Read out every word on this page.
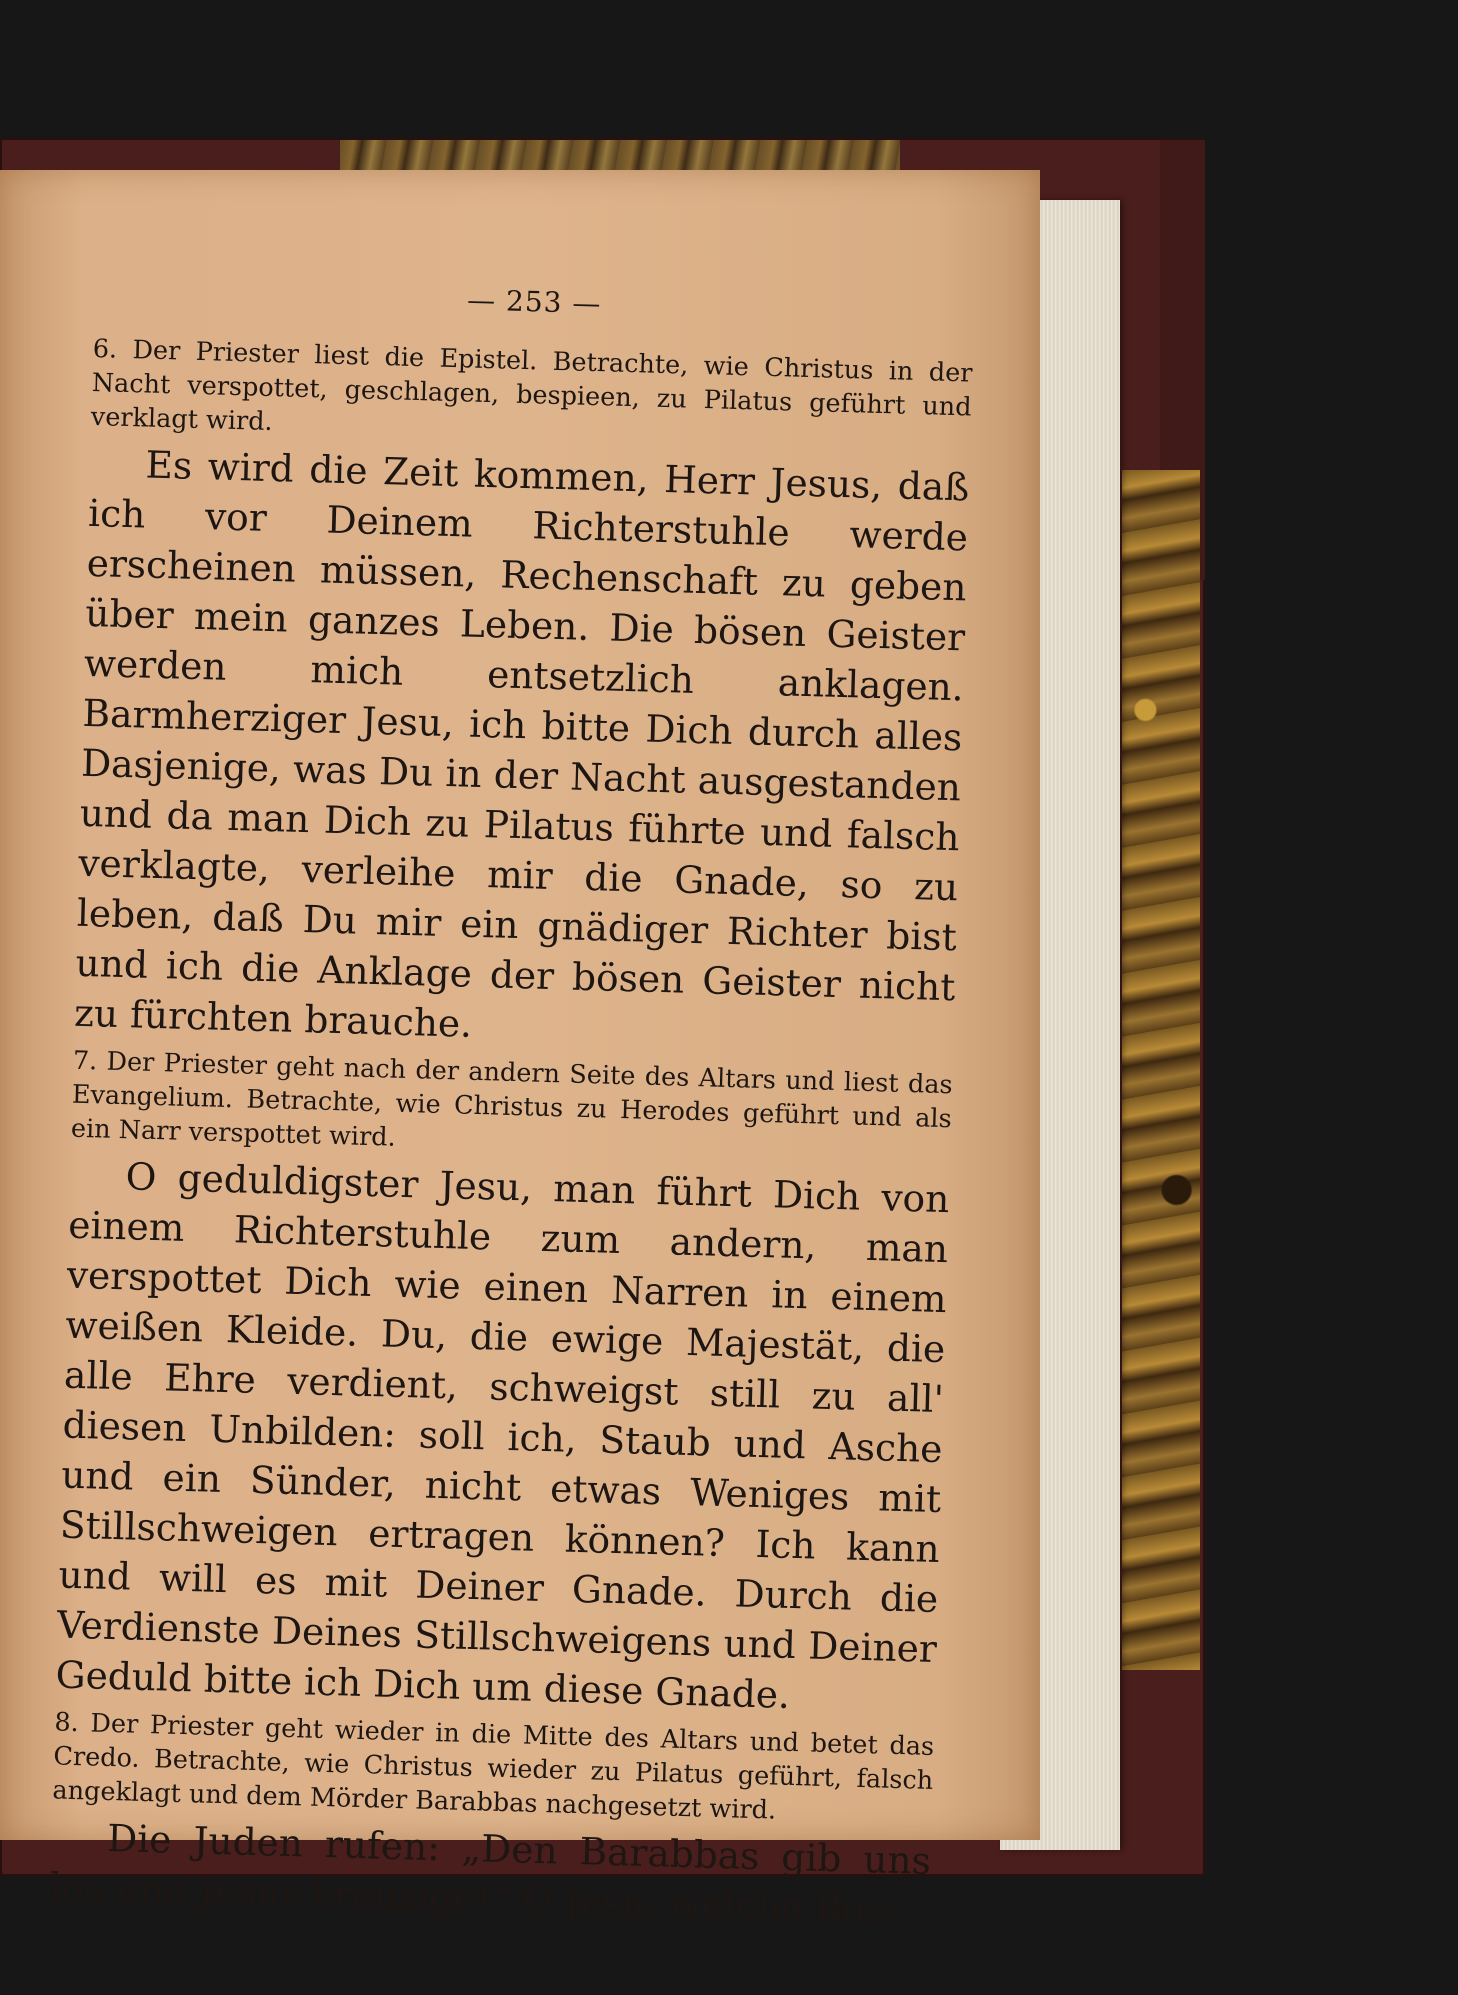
— 253 —

6. Der Priester liest die Epistel. Betrachte, wie Christus in der Nacht verspottet, geschlagen, bespieen, zu Pilatus geführt und verklagt wird.

Es wird die Zeit kommen, Herr Jesus, daß ich vor Deinem Richterstuhle werde erscheinen müssen, Rechenschaft zu geben über mein ganzes Leben. Die bösen Geister werden mich entsetzlich anklagen. Barmherziger Jesu, ich bitte Dich durch alles Dasjenige, was Du in der Nacht ausgestanden und da man Dich zu Pilatus führte und falsch verklagte, verleihe mir die Gnade, so zu leben, daß Du mir ein gnädiger Richter bist und ich die Anklage der bösen Geister nicht zu fürchten brauche.

7. Der Priester geht nach der andern Seite des Altars und liest das Evangelium. Betrachte, wie Christus zu Herodes geführt und als ein Narr verspottet wird.

O geduldigster Jesu, man führt Dich von einem Richterstuhle zum andern, man verspottet Dich wie einen Narren in einem weißen Kleide. Du, die ewige Majestät, die alle Ehre verdient, schweigst still zu all' diesen Unbilden: soll ich, Staub und Asche und ein Sünder, nicht etwas Weniges mit Stillschweigen ertragen können? Ich kann und will es mit Deiner Gnade. Durch die Verdienste Deines Stillschweigens und Deiner Geduld bitte ich Dich um diese Gnade.

8. Der Priester geht wieder in die Mitte des Altars und betet das Credo. Betrachte, wie Christus wieder zu Pilatus geführt, falsch angeklagt und dem Mörder Barabbas nachgesetzt wird.

Die Juden rufen: „Den Barabbas gib uns los und Jesus kreuzige!“ O Jesu, welche Bos-
